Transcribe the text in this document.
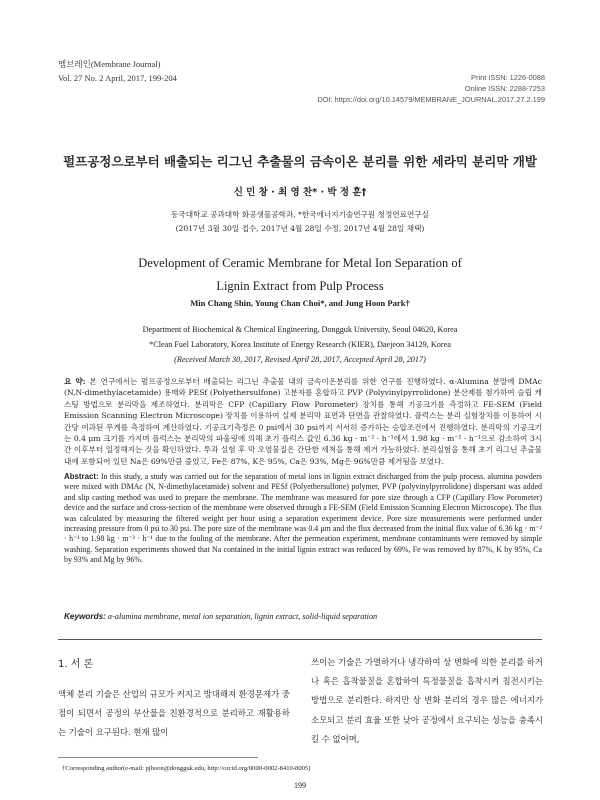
멤브레인(Membrane Journal)
Vol. 27 No. 2 April, 2017, 199-204	Print ISSN: 1226-0088
Online ISSN: 2288-7253
DOI: https://doi.org/10.14579/MEMBRANE_JOURNAL.2017.27.2.199
펄프공정으로부터 배출되는 리그닌 추출물의 금속이온 분리를 위한 세라믹 분리막 개발
신 민 창 · 최 영 찬* · 박 정 훈†
동국대학교 공과대학 화공생물공학과, *한국에너지기술연구원 청정연료연구실
(2017년 3월 30일 접수, 2017년 4월 28일 수정, 2017년 4월 28일 채택)
Development of Ceramic Membrane for Metal Ion Separation of
Lignin Extract from Pulp Process
Min Chang Shin, Young Chan Choi*, and Jung Hoon Park†
Department of Biochemical & Chemical Engineering, Dongguk University, Seoul 04620, Korea
*Clean Fuel Laboratory, Korea Institute of Energy Research (KIER), Daejeon 34129, Korea
(Received March 30, 2017, Revised April 28, 2017, Accepted April 28, 2017)
요 약: 본 연구에서는 펄프공정으로부터 배출되는 리그닌 추출물 내의 금속이온분리를 위한 연구를 진행하였다. α-Alumina 분말에 DMAc (N,N-dimethylacetamide) 용매와 PESf (Polyethersulfone) 고분자를 혼합하고 PVP (Polyvinylpyrrolidone) 분산제를 첨가하여 슬립 캐스팅 방법으로 분리막을 제조하였다. 분리막은 CFP (Capillary Flow Porometer) 장치를 통해 기공크기를 측정하고 FE-SEM (Field Emission Scanning Electron Microscope) 장치를 이용하여 실제 분리막 표면과 단면을 관찰하였다. 플럭스는 분리 실험장치를 이용하여 시간당 여과된 무게를 측정하여 계산하였다. 기공크기측정은 0 psi에서 30 psi까지 서서히 증가하는 승압조건에서 진행하였다. 분리막의 기공크기는 0.4 μm 크기를 가지며 플럭스는 분리막의 파울링에 의해 초기 플럭스 값인 6.36 kg · m⁻² · h⁻¹에서 1.98 kg · m⁻² · h⁻¹으로 감소하여 3시간 이후부터 일정해지는 것을 확인하였다. 투과 실험 후 막 오염물질은 간단한 세척을 통해 제거 가능하였다. 분리실험을 통해 초기 리그닌 추출물 내에 포함되어 있던 Na은 69%만큼 줄었고, Fe은 87%, K은 95%, Ca은 93%, Mg은 96%만큼 제거됨을 보였다.
Abstract: In this study, a study was carried out for the separation of metal ions in lignin extract discharged from the pulp process. alumina powders were mixed with DMAc (N, N-dimethylacetamide) solvent and PESf (Polyethersulfone) polymer, PVP (polyvinylpyrrolidone) dispersant was added and slip casting method was used to prepare the membrane. The membrane was measured for pore size through a CFP (Capillary Flow Porometer) device and the surface and cross-section of the membrane were observed through a FE-SEM (Field Emission Scanning Electron Microscope). The flux was calculated by measuring the filtered weight per hour using a separation experiment device. Pore size measurements were performed under increasing pressure from 0 psi to 30 psi. The pore size of the membrane was 0.4 μm and the flux decreased from the initial flux value of 6.36 kg · m⁻² · h⁻¹ to 1.98 kg · m⁻² · h⁻¹ due to the fouling of the membrane. After the permeation experiment, membrane contaminants were removed by simple washing. Separation experiments showed that Na contained in the initial lignin extract was reduced by 69%, Fe was removed by 87%, K by 95%, Ca by 93% and Mg by 96%.
Keywords: α-alumina membrane, metal ion separation, lignin extract, solid-liquid separation
1. 서 론

액체 분리 기술은 산업의 규모가 커지고 방대해져 환경문제가 중점이 되면서 공정의 부산물을 친환경적으로 분리하고 재활용하는 기술이 요구된다. 현재 많이

쓰이는 기술은 가열하거나 냉각하여 상 변화에 의한 분리를 하거나 혹은 흡착물질을 혼합하여 특정물질을 흡착시켜 침전시키는 방법으로 분리한다. 하지만 상 변화 분리의 경우 많은 에너지가 소모되고 분리 효율 또한 낮아 공정에서 요구되는 성능을 충족시킬 수 없어며,

†Corresponding author(e-mail: pjhoon@dongguk.edu, http://orcid.org/0000-0002-8410-8005)
199
